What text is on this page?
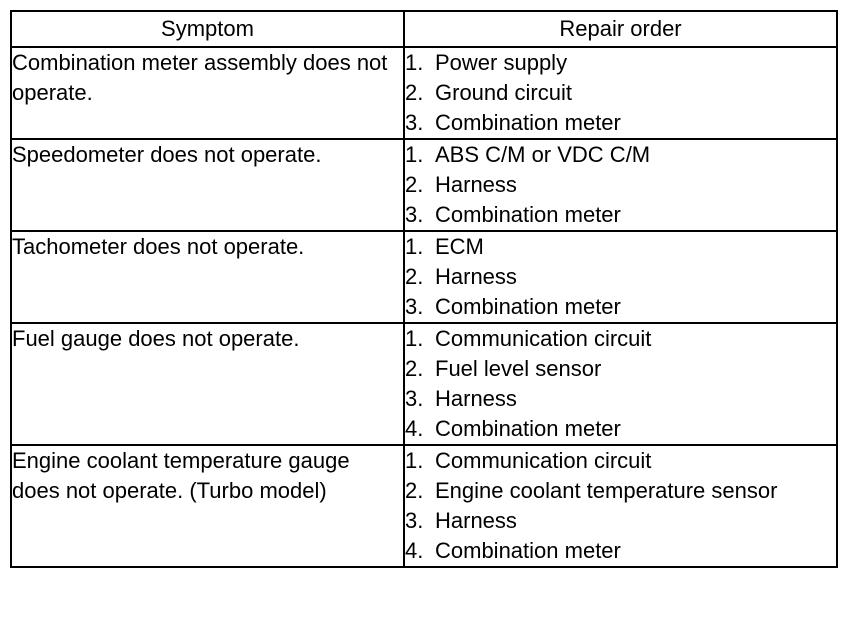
Symptom	Repair order
Combination meter assembly does not operate.	1. Power supply
2. Ground circuit
3. Combination meter

Speedometer does not operate.	1. ABS C/M or VDC C/M
2. Harness
3. Combination meter

Tachometer does not operate.	1. ECM
2. Harness
3. Combination meter

Fuel gauge does not operate.	1. Communication circuit
2. Fuel level sensor
3. Harness
4. Combination meter

Engine coolant temperature gauge does not operate. (Turbo model)	1. Communication circuit
2. Engine coolant temperature sensor
3. Harness
4. Combination meter
